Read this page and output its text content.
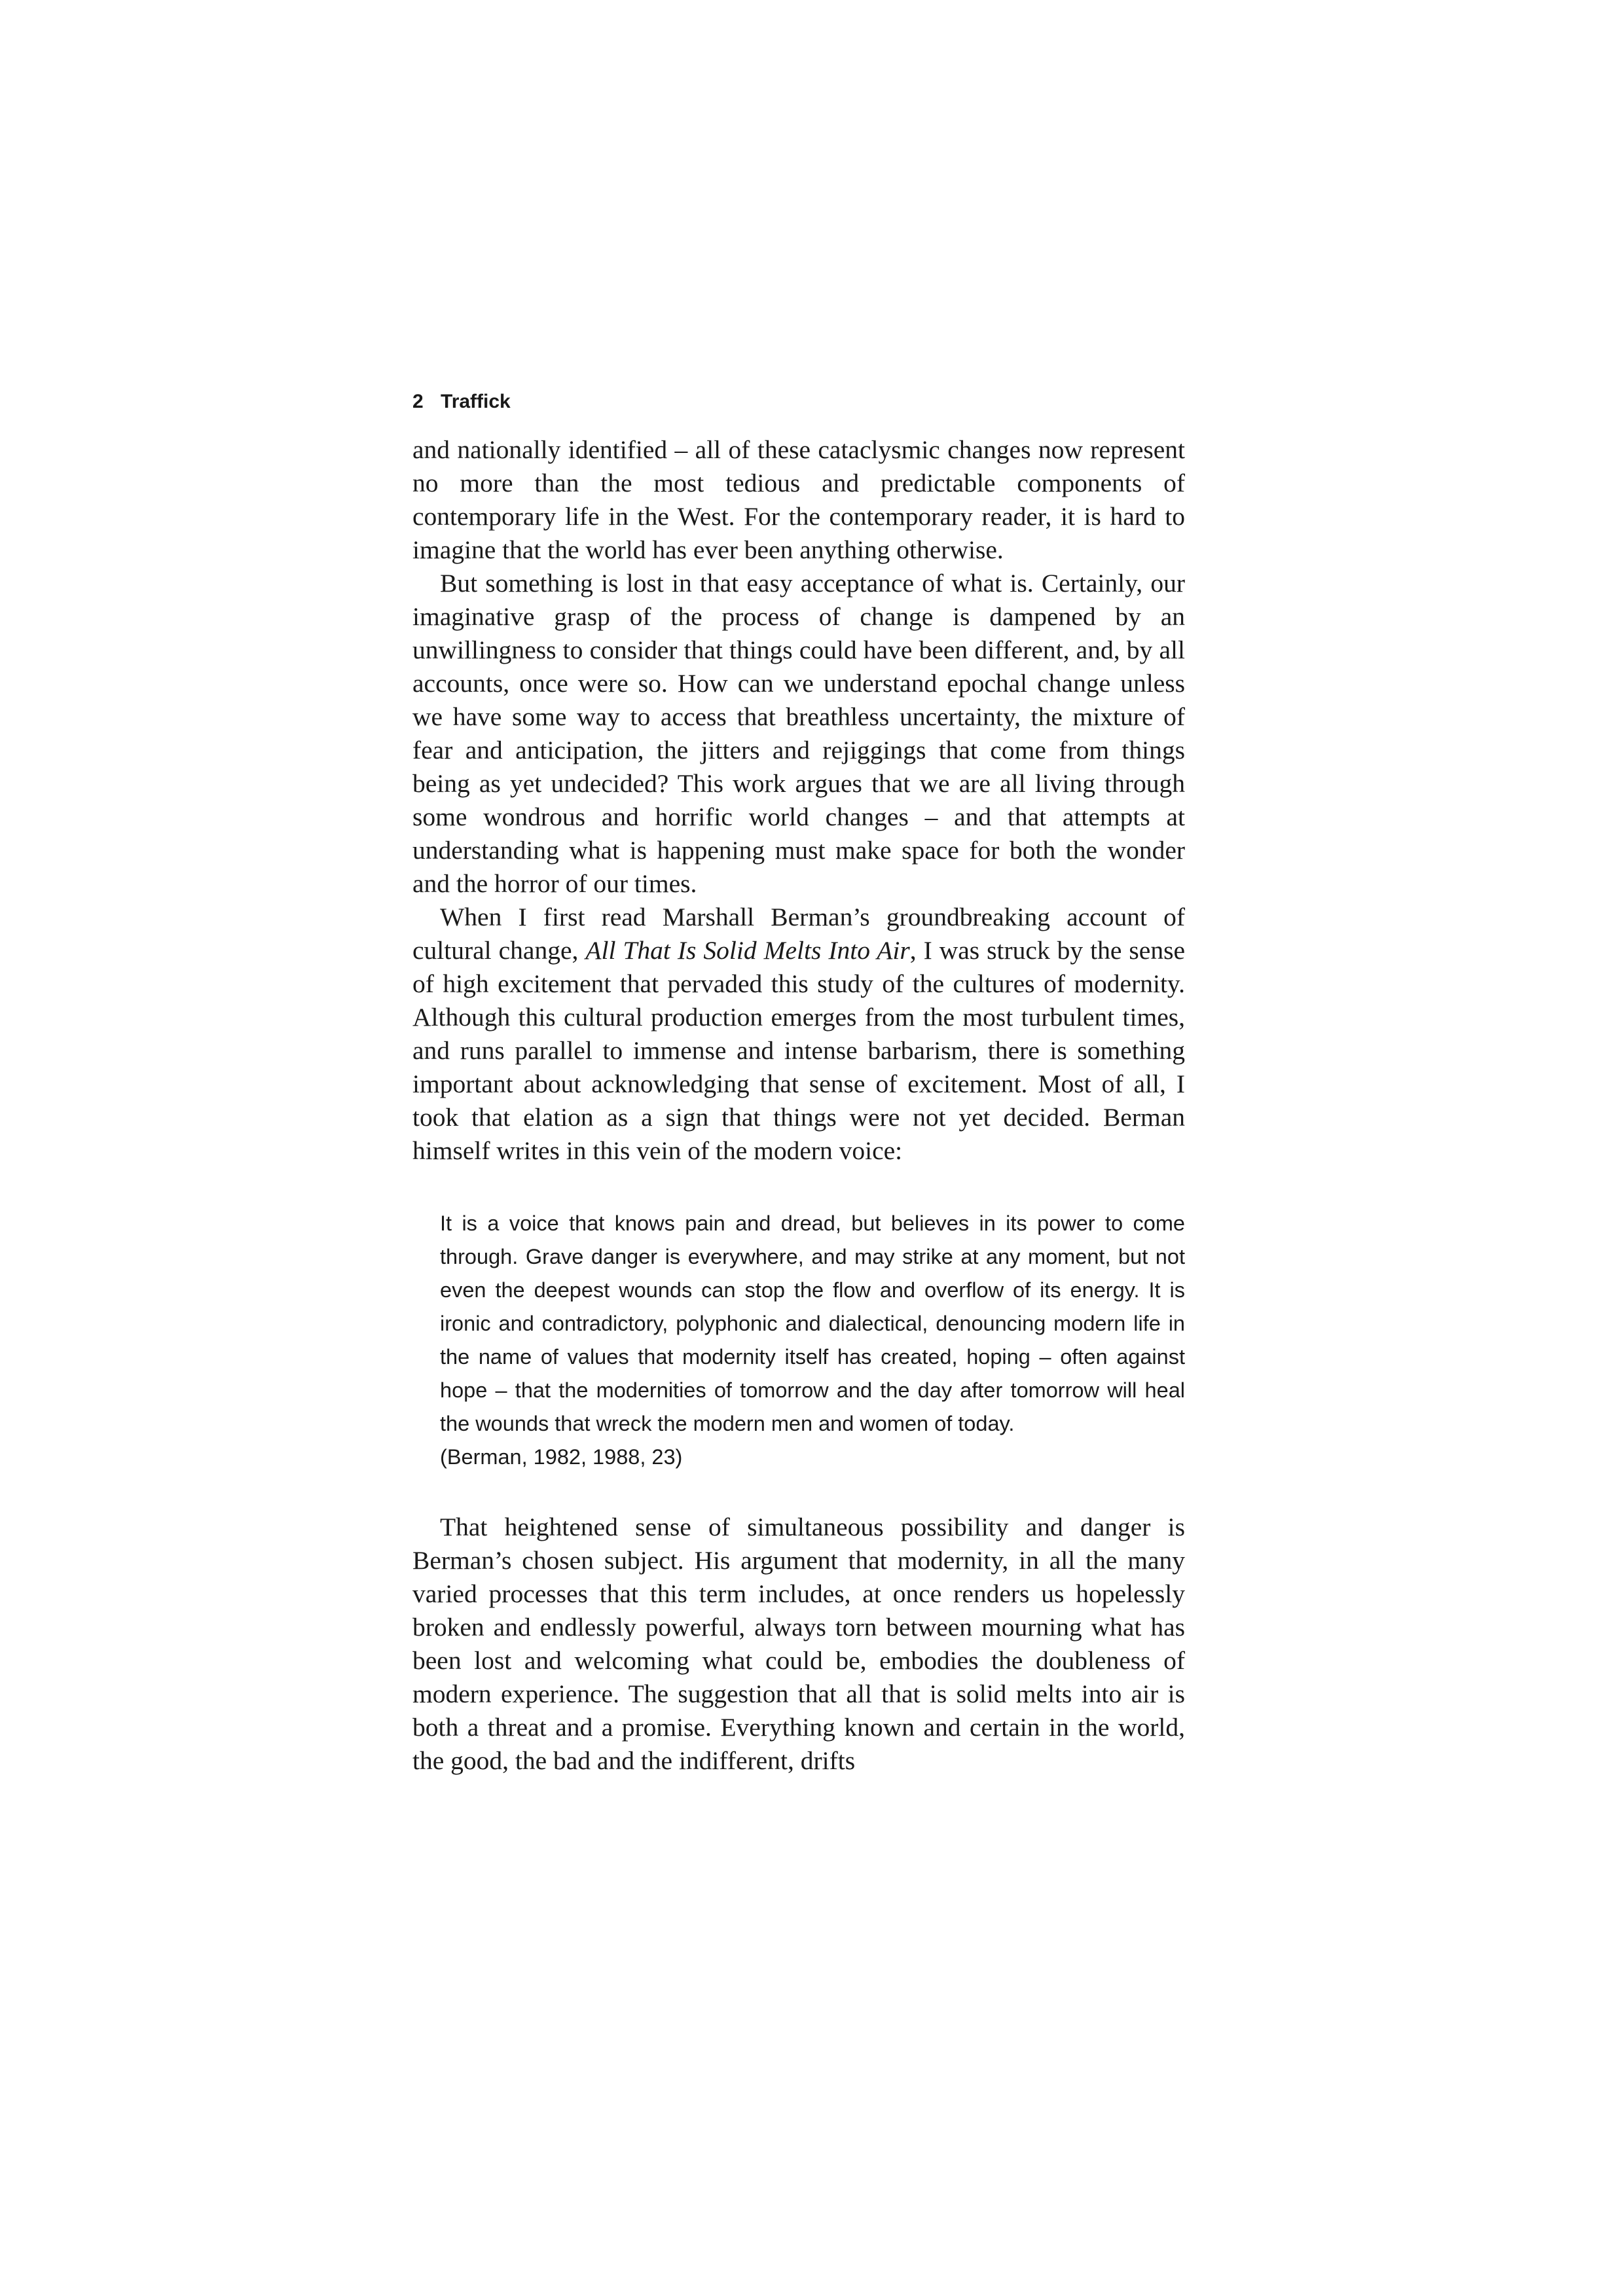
2 Traffick

and nationally identified – all of these cataclysmic changes now represent no more than the most tedious and predictable components of contemporary life in the West. For the contemporary reader, it is hard to imagine that the world has ever been anything otherwise.

But something is lost in that easy acceptance of what is. Certainly, our imaginative grasp of the process of change is dampened by an unwillingness to consider that things could have been different, and, by all accounts, once were so. How can we understand epochal change unless we have some way to access that breathless uncertainty, the mixture of fear and anticipation, the jitters and rejiggings that come from things being as yet undecided? This work argues that we are all living through some wondrous and horrific world changes – and that attempts at understanding what is happening must make space for both the wonder and the horror of our times.

When I first read Marshall Berman’s groundbreaking account of cultural change, All That Is Solid Melts Into Air, I was struck by the sense of high excitement that pervaded this study of the cultures of modernity. Although this cultural production emerges from the most turbulent times, and runs parallel to immense and intense barbarism, there is something important about acknowledging that sense of excitement. Most of all, I took that elation as a sign that things were not yet decided. Berman himself writes in this vein of the modern voice:

It is a voice that knows pain and dread, but believes in its power to come through. Grave danger is everywhere, and may strike at any moment, but not even the deepest wounds can stop the flow and overflow of its energy. It is ironic and contradictory, polyphonic and dialectical, denouncing modern life in the name of values that modernity itself has created, hoping – often against hope – that the modernities of tomorrow and the day after tomorrow will heal the wounds that wreck the modern men and women of today.
(Berman, 1982, 1988, 23)

That heightened sense of simultaneous possibility and danger is Berman’s chosen subject. His argument that modernity, in all the many varied processes that this term includes, at once renders us hopelessly broken and endlessly powerful, always torn between mourning what has been lost and welcoming what could be, embodies the doubleness of modern experience. The suggestion that all that is solid melts into air is both a threat and a promise. Everything known and certain in the world, the good, the bad and the indifferent, drifts
